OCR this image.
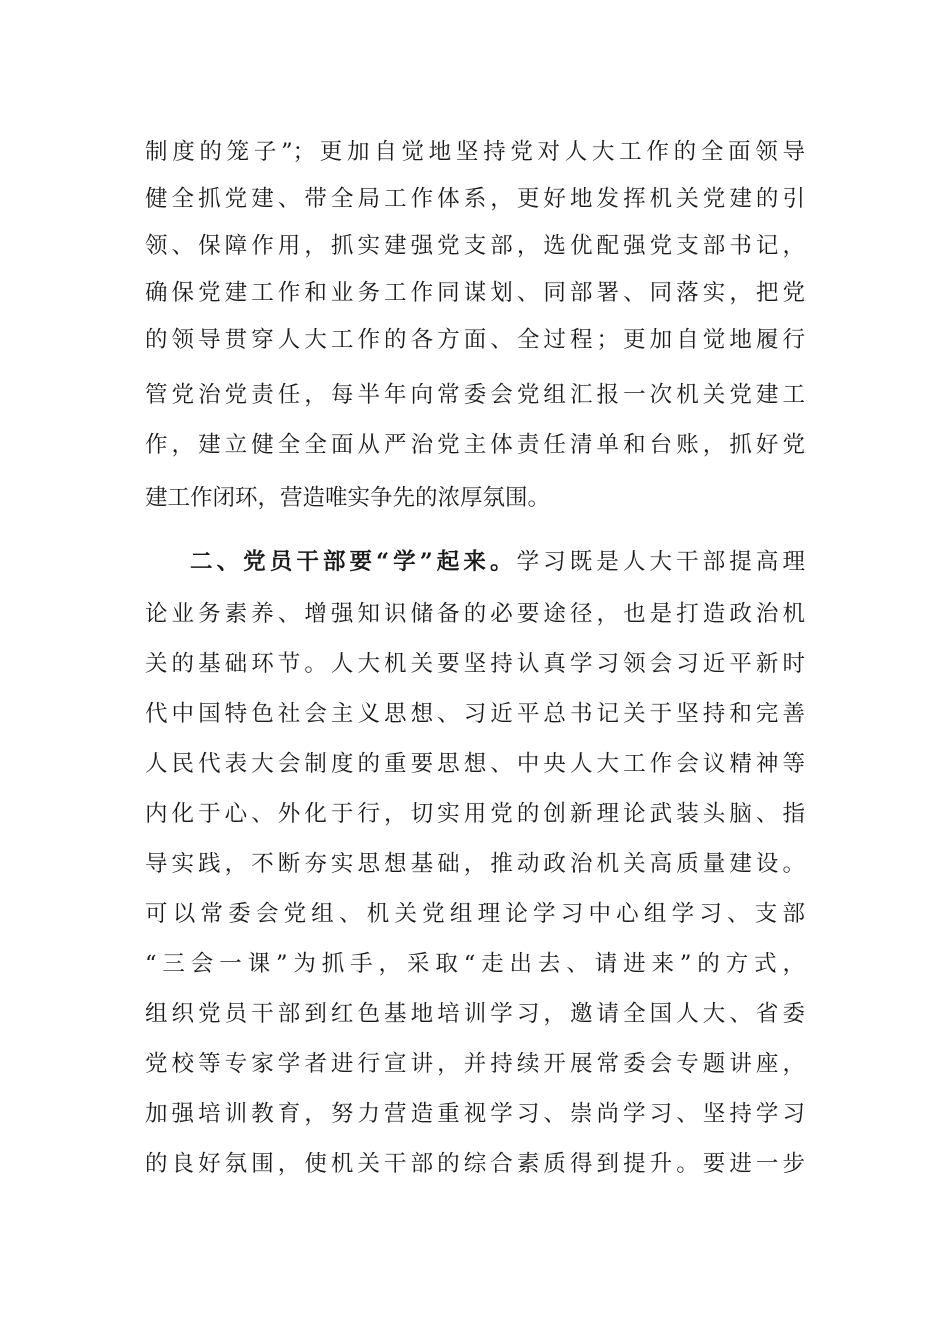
制度的笼子”；更加自觉地坚持党对人大工作的全面领导
健全抓党建、带全局工作体系，更好地发挥机关党建的引
领、保障作用，抓实建强党支部，选优配强党支部书记，
确保党建工作和业务工作同谋划、同部署、同落实，把党
的领导贯穿人大工作的各方面、全过程；更加自觉地履行
管党治党责任，每半年向常委会党组汇报一次机关党建工
作，建立健全全面从严治党主体责任清单和台账，抓好党
建工作闭环，营造唯实争先的浓厚氛围。
二、党员干部要“学”起来。学习既是人大干部提高理
论业务素养、增强知识储备的必要途径，也是打造政治机
关的基础环节。人大机关要坚持认真学习领会习近平新时
代中国特色社会主义思想、习近平总书记关于坚持和完善
人民代表大会制度的重要思想、中央人大工作会议精神等
内化于心、外化于行，切实用党的创新理论武装头脑、指
导实践，不断夯实思想基础，推动政治机关高质量建设。
可以常委会党组、机关党组理论学习中心组学习、支部
“三会一课”为抓手，采取“走出去、请进来”的方式，
组织党员干部到红色基地培训学习，邀请全国人大、省委
党校等专家学者进行宣讲，并持续开展常委会专题讲座，
加强培训教育，努力营造重视学习、崇尚学习、坚持学习
的良好氛围，使机关干部的综合素质得到提升。要进一步
